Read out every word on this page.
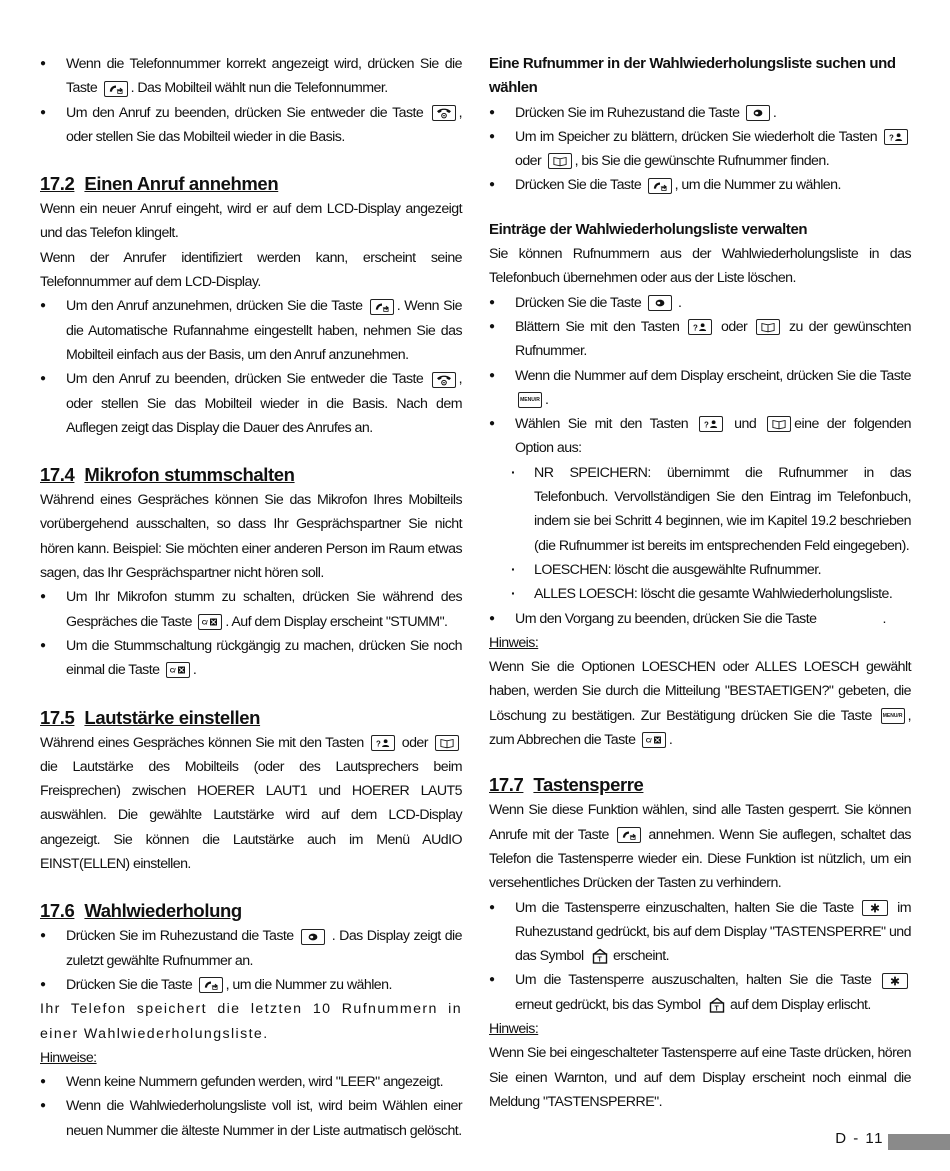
● Wenn die Telefonnummer korrekt angezeigt wird, drücken Sie die Taste . Das Mobilteil wählt nun die Telefonnummer.
● Um den Anruf zu beenden, drücken Sie entweder die Taste , oder stellen Sie das Mobilteil wieder in die Basis.
17.2 Einen Anruf annehmen

Wenn ein neuer Anruf eingeht, wird er auf dem LCD-Display angezeigt und das Telefon klingelt.

Wenn der Anrufer identifiziert werden kann, erscheint seine Telefonnummer auf dem LCD-Display.

● Um den Anruf anzunehmen, drücken Sie die Taste . Wenn Sie die Automatische Rufannahme eingestellt haben, nehmen Sie das Mobilteil einfach aus der Basis, um den Anruf anzunehmen.
● Um den Anruf zu beenden, drücken Sie entweder die Taste , oder stellen Sie das Mobilteil wieder in die Basis. Nach dem Auflegen zeigt das Display die Dauer des Anrufes an.
17.4 Mikrofon stummschalten

Während eines Gespräches können Sie das Mikrofon Ihres Mobilteils vorübergehend ausschalten, so dass Ihr Gesprächspartner Sie nicht hören kann. Beispiel: Sie möchten einer anderen Person im Raum etwas sagen, das Ihr Gesprächspartner nicht hören soll.

● Um Ihr Mikrofon stumm zu schalten, drücken Sie während des Gespräches die Taste . Auf dem Display erscheint "STUMM".
● Um die Stummschaltung rückgängig zu machen, drücken Sie noch einmal die Taste .
17.5 Lautstärke einstellen

Während eines Gespräches können Sie mit den Tasten	oder
die Lautstärke des Mobilteils (oder des Lautsprechers beim Freisprechen) zwischen HOERER LAUT1 und HOERER LAUT5 auswählen. Die gewählte Lautstärke wird auf dem LCD-Display angezeigt. Sie können die Lautstärke auch im Menü AUdIO EINST(ELLEN) einstellen.

17.6 Wahlwiederholung
● Drücken Sie im Ruhezustand die Taste	. Das Display zeigt die zuletzt gewählte Rufnummer an.
● Drücken Sie die Taste , um die Nummer zu wählen.

Ihr Telefon speichert die letzten 10 Rufnummern in einer Wahlwiederholungsliste.

Hinweise:
● Wenn keine Nummern gefunden werden, wird "LEER" angezeigt.
● Wenn die Wahlwiederholungsliste voll ist, wird beim Wählen einer neuen Nummer die älteste Nummer in der Liste autmatisch gelöscht.
Eine Rufnummer in der Wahlwiederholungsliste suchen und wählen
● Drücken Sie im Ruhezustand die Taste .
● Um im Speicher zu blättern, drücken Sie wiederholt die Tasten
oder , bis Sie die gewünschte Rufnummer finden.
● Drücken Sie die Taste , um die Nummer zu wählen.
Einträge der Wahlwiederholungsliste verwalten

Sie können Rufnummern aus der Wahlwiederholungsliste in das Telefonbuch übernehmen oder aus der Liste löschen.

● Drücken Sie die Taste	.
● Blättern Sie mit den Tasten	oder	zu der gewünschten Rufnummer.
● Wenn die Nummer auf dem Display erscheint, drücken Sie die Taste MENU/R .
● Wählen Sie mit den Tasten	und	eine der folgenden Option aus:
· NR SPEICHERN: übernimmt die Rufnummer in das Telefonbuch. Vervollständigen Sie den Eintrag im Telefonbuch, indem sie bei Schritt 4 beginnen, wie im Kapitel 19.2 beschrieben (die Rufnummer ist bereits im entsprechenden Feld eingegeben).
· LOESCHEN: löscht die ausgewählte Rufnummer.
· ALLES LOESCH: löscht die gesamte Wahlwiederholungsliste.
● Um den Vorgang zu beenden, drücken Sie die Taste	.
Hinweis:

Wenn Sie die Optionen LOESCHEN oder ALLES LOESCH gewählt haben, werden Sie durch die Mitteilung "BESTAETIGEN?" gebeten, die Löschung zu bestätigen. Zur Bestätigung drücken Sie die Taste MENU/R , zum Abbrechen die Taste .

17.7 Tastensperre

Wenn Sie diese Funktion wählen, sind alle Tasten gesperrt. Sie können Anrufe mit der Taste	annehmen. Wenn Sie auflegen, schaltet das Telefon die Tastensperre wieder ein. Diese Funktion ist nützlich, um ein versehentliches Drücken der Tasten zu verhindern.

● Um die Tastensperre einzuschalten, halten Sie die Taste	im Ruhezustand gedrückt, bis auf dem Display "TASTENSPERRE" und das Symbol erscheint.
● Um die Tastensperre auszuschalten, halten Sie die Taste
erneut gedrückt, bis das Symbol auf dem Display erlischt.
Hinweis:

Wenn Sie bei eingeschalteter Tastensperre auf eine Taste drücken, hören Sie einen Warnton, und auf dem Display erscheint noch einmal die Meldung "TASTENSPERRE".

D - 11
